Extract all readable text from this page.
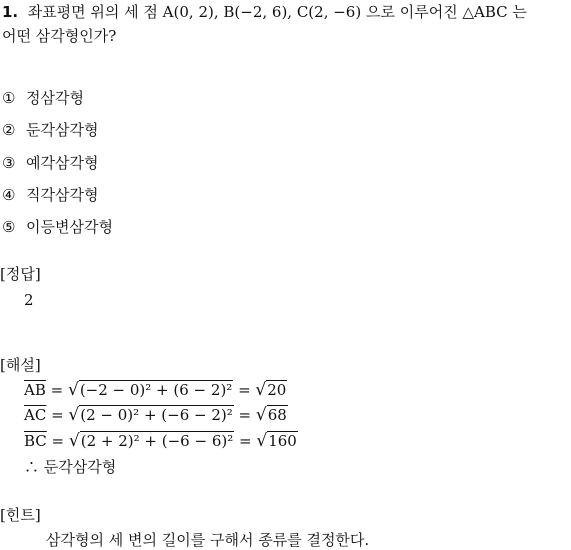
1. 좌표평면 위의 세 점 A(0, 2), B(−2, 6), C(2, −6) 으로 이루어진 △ABC 는
어떤 삼각형인가?
① 정삼각형
② 둔각삼각형
③ 예각삼각형
④ 직각삼각형
⑤ 이등변삼각형
[정답]
2
[해설]
$\overline{AB} = √(-2 - 0)^2 + (6 - 2)^2 = √20$
$\overline{AC} = √(2 - 0)^2 + (-6 - 2)^2 = √68$
$\overline{BC} = √(2 + 2)^2 + (-6 - 6)^2 = √160$
∴ 둔각삼각형
[힌트]
삼각형의 세 변의 길이를 구해서 종류를 결정한다.
